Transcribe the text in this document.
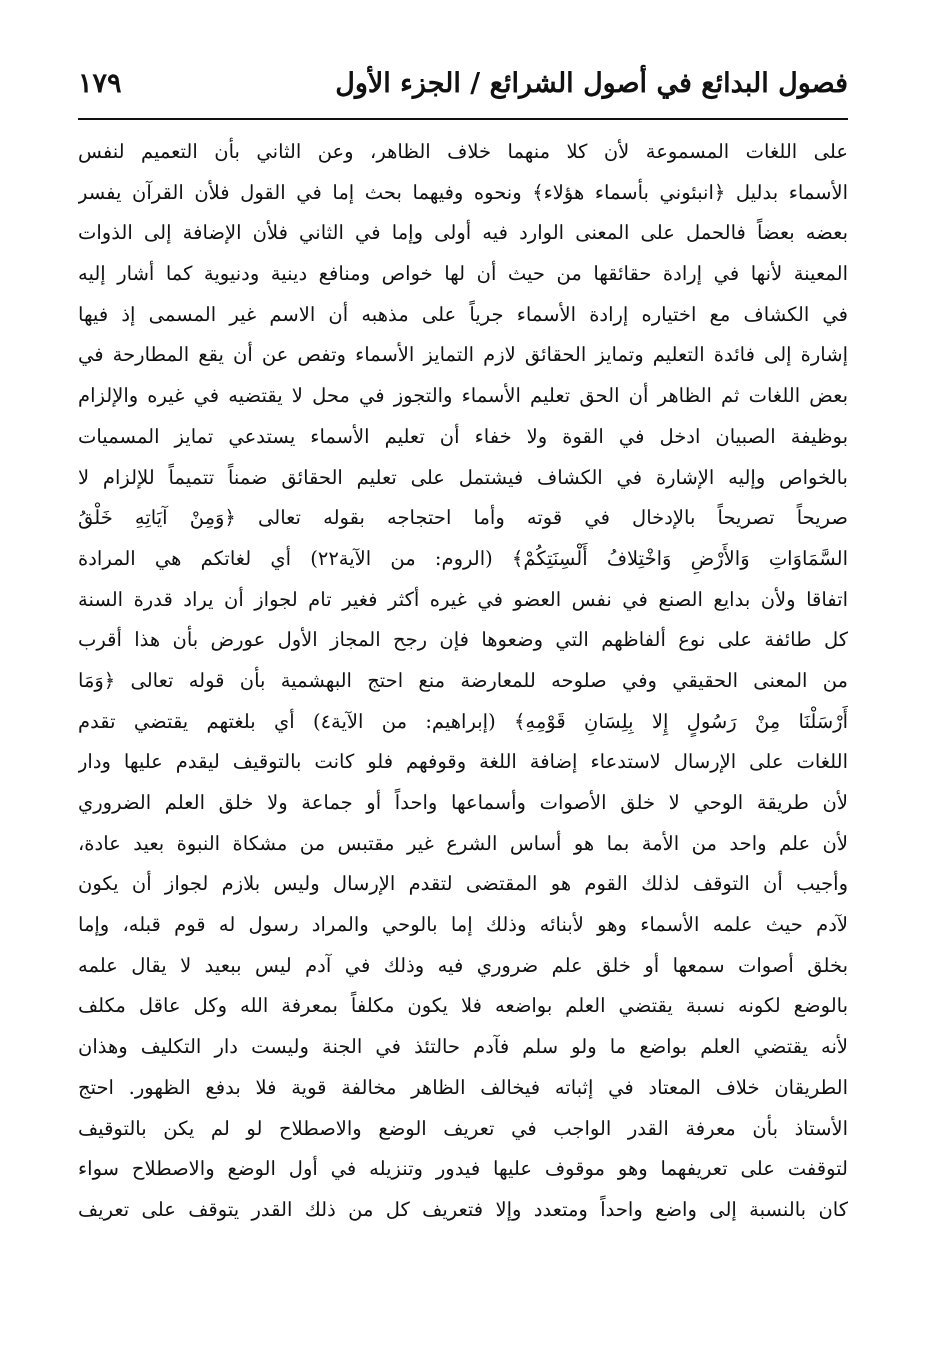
فصول البدائع في أصول الشرائع / الجزء الأول
١٧٩
على اللغات المسموعة لأن كلا منهما خلاف الظاهر، وعن الثاني بأن التعميم لنفس
الأسماء بدليل ﴿انبئوني بأسماء هؤلاء﴾ ونحوه وفيهما بحث إما في القول فلأن القرآن يفسر
بعضه بعضاً فالحمل على المعنى الوارد فيه أولى وإما في الثاني فلأن الإضافة إلى الذوات
المعينة لأنها في إرادة حقائقها من حيث أن لها خواص ومنافع دينية ودنيوية كما أشار إليه
في الكشاف مع اختياره إرادة الأسماء جرياً على مذهبه أن الاسم غير المسمى إذ فيها
إشارة إلى فائدة التعليم وتمايز الحقائق لازم التمايز الأسماء وتفص عن أن يقع المطارحة في
بعض اللغات ثم الظاهر أن الحق تعليم الأسماء والتجوز في محل لا يقتضيه في غيره والإلزام
بوظيفة الصبيان ادخل في القوة ولا خفاء أن تعليم الأسماء يستدعي تمايز المسميات
بالخواص وإليه الإشارة في الكشاف فيشتمل على تعليم الحقائق ضمناً تتميماً للإلزام لا
صريحاً تصريحاً بالإدخال في قوته وأما احتجاجه بقوله تعالى ﴿وَمِنْ آيَاتِهِ خَلْقُ
السَّمَاوَاتِ وَالأَرْضِ وَاخْتِلافُ أَلْسِنَتِكُمْ﴾ (الروم: من الآية٢٢) أي لغاتكم هي المرادة
اتفاقا ولأن بدايع الصنع في نفس العضو في غيره أكثر فغير تام لجواز أن يراد قدرة السنة
كل طائفة على نوع ألفاظهم التي وضعوها فإن رجح المجاز الأول عورض بأن هذا أقرب
من المعنى الحقيقي وفي صلوحه للمعارضة منع احتج البهشمية بأن قوله تعالى ﴿وَمَا
أَرْسَلْنَا مِنْ رَسُولٍ إِلا بِلِسَانِ قَوْمِهِ﴾ (إبراهيم: من الآية٤) أي بلغتهم يقتضي تقدم
اللغات على الإرسال لاستدعاء إضافة اللغة وقوفهم فلو كانت بالتوقيف ليقدم عليها ودار
لأن طريقة الوحي لا خلق الأصوات وأسماعها واحداً أو جماعة ولا خلق العلم الضروري
لأن علم واحد من الأمة بما هو أساس الشرع غير مقتبس من مشكاة النبوة بعيد عادة،
وأجيب أن التوقف لذلك القوم هو المقتضى لتقدم الإرسال وليس بلازم لجواز أن يكون
لآدم حيث علمه الأسماء وهو لأبنائه وذلك إما بالوحي والمراد رسول له قوم قبله، وإما
بخلق أصوات سمعها أو خلق علم ضروري فيه وذلك في آدم ليس ببعيد لا يقال علمه
بالوضع لكونه نسبة يقتضي العلم بواضعه فلا يكون مكلفاً بمعرفة الله وكل عاقل مكلف
لأنه يقتضي العلم بواضع ما ولو سلم فآدم حالتئذ في الجنة وليست دار التكليف وهذان
الطريقان خلاف المعتاد في إثباته فيخالف الظاهر مخالفة قوية فلا بدفع الظهور. احتج
الأستاذ بأن معرفة القدر الواجب في تعريف الوضع والاصطلاح لو لم يكن بالتوقيف
لتوقفت على تعريفهما وهو موقوف عليها فيدور وتنزيله في أول الوضع والاصطلاح سواء
كان بالنسبة إلى واضع واحداً ومتعدد وإلا فتعريف كل من ذلك القدر يتوقف على تعريف
